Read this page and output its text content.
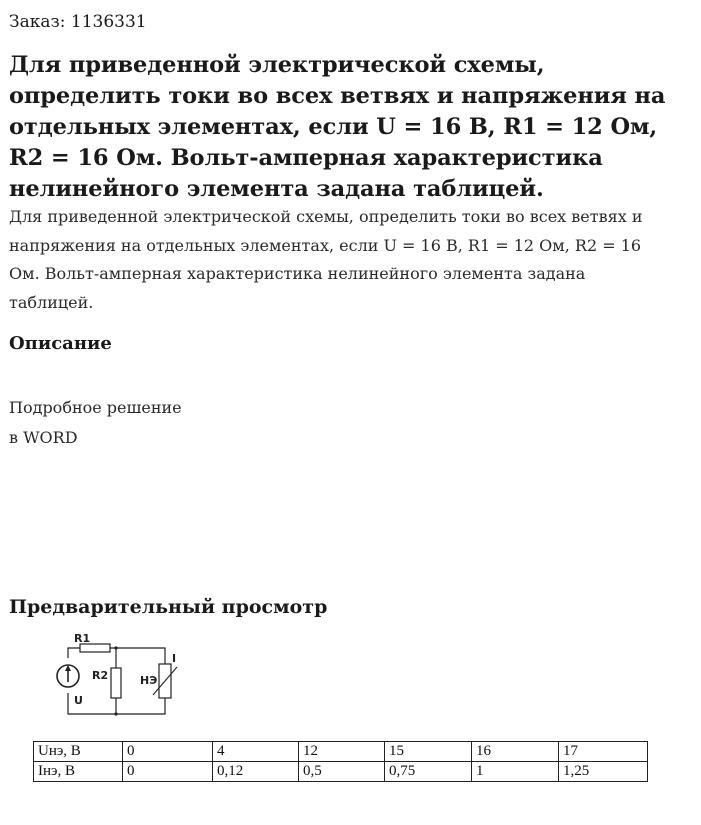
Заказ: 1136331
Для приведенной электрической схемы, определить токи во всех ветвях и напряжения на отдельных элементах, если U = 16 В, R1 = 12 Ом, R2 = 16 Ом. Вольт-амперная характеристика нелинейного элемента задана таблицей.
Для приведенной электрической схемы, определить токи во всех ветвях и напряжения на отдельных элементах, если U = 16 В, R1 = 12 Ом, R2 = 16 Ом. Вольт-амперная характеристика нелинейного элемента задана таблицей.
Описание
Подробное решение
в WORD
Предварительный просмотр
R1
R2	НЭ
U
I
Uнэ, В	0	4	12	15	16	17
Iнэ, В	0	0,12	0,5	0,75	1	1,25
